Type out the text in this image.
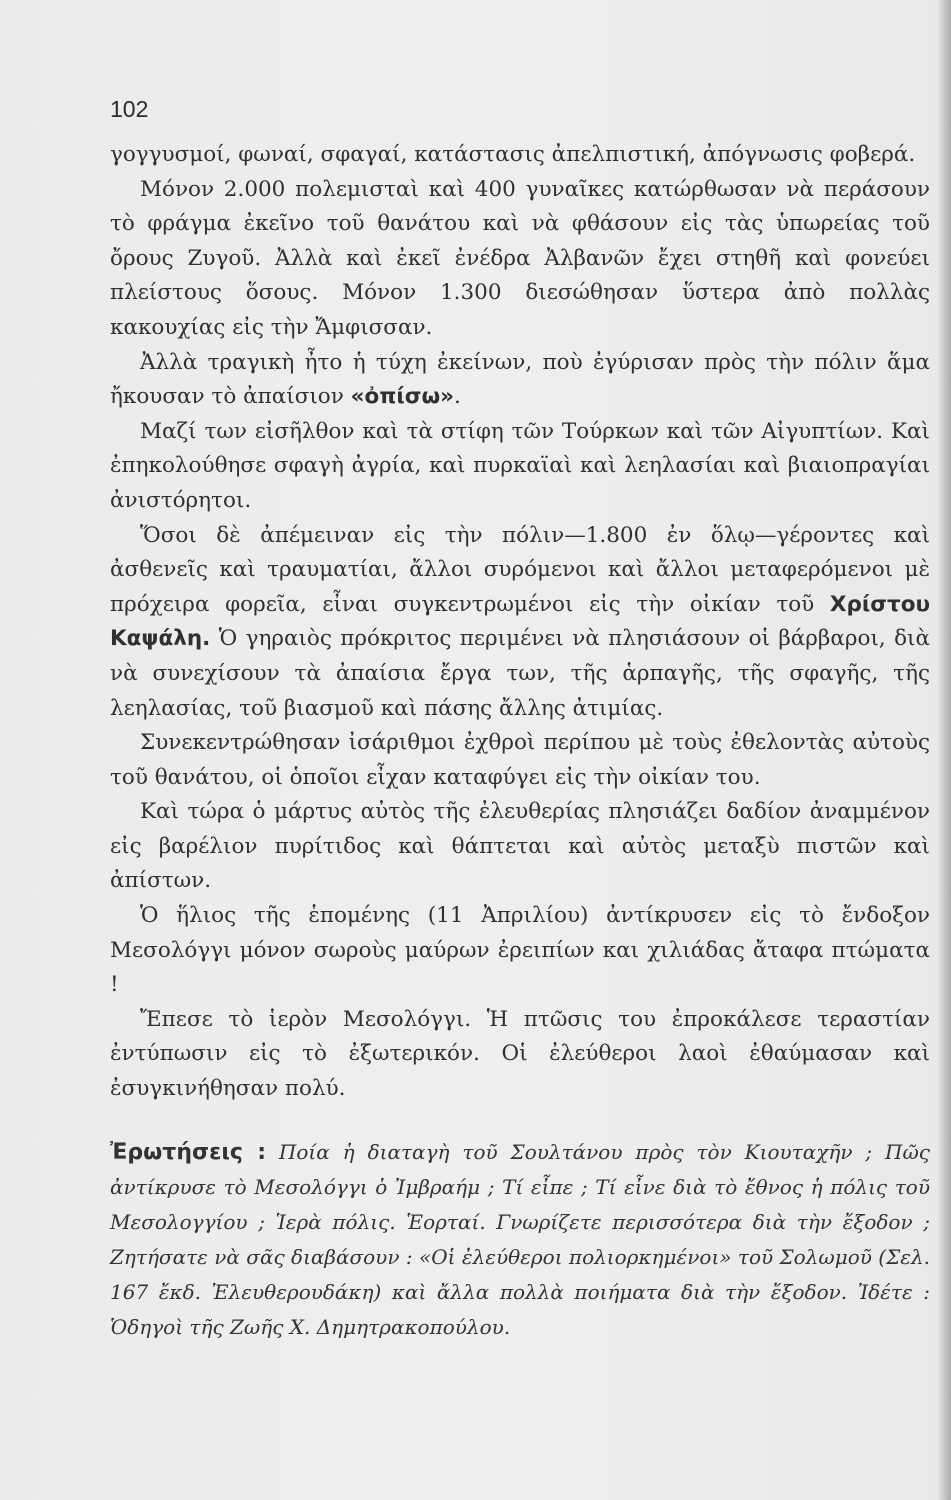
102

γογγυσμοί, φωναί, σφαγαί, κατάστασις ἀπελπιστική, ἀπόγνωσις φοβερά.

Μόνον 2.000 πολεμισταὶ καὶ 400 γυναῖκες κατώρθωσαν νὰ περάσουν τὸ φράγμα ἐκεῖνο τοῦ θανάτου καὶ νὰ φθάσουν εἰς τὰς ὑπωρείας τοῦ ὄρους Ζυγοῦ. Ἀλλὰ καὶ ἐκεῖ ἐνέδρα Ἀλβανῶν ἔχει στηθῆ καὶ φονεύει πλείστους ὅσους. Μόνον 1.300 διεσώθησαν ὕστερα ἀπὸ πολλὰς κακουχίας εἰς τὴν Ἄμφισσαν.

Ἀλλὰ τραγικὴ ἦτο ἡ τύχη ἐκείνων, ποὺ ἐγύρισαν πρὸς τὴν πόλιν ἅμα ἤκουσαν τὸ ἀπαίσιον «ὀπίσω».

Μαζί των εἰσῆλθον καὶ τὰ στίφη τῶν Τούρκων καὶ τῶν Αἰγυπτίων. Καὶ ἐπηκολούθησε σφαγὴ ἀγρία, καὶ πυρκαϊαὶ καὶ λεηλασίαι καὶ βιαιοπραγίαι ἀνιστόρητοι.

Ὅσοι δὲ ἀπέμειναν εἰς τὴν πόλιν—1.800 ἐν ὅλῳ—γέροντες καὶ ἀσθενεῖς καὶ τραυματίαι, ἄλλοι συρόμενοι καὶ ἄλλοι μεταφερόμενοι μὲ πρόχειρα φορεῖα, εἶναι συγκεντρωμένοι εἰς τὴν οἰκίαν τοῦ Χρίστου Καψάλη. Ὁ γηραιὸς πρόκριτος περιμένει νὰ πλησιάσουν οἱ βάρβαροι, διὰ νὰ συνεχίσουν τὰ ἀπαίσια ἔργα των, τῆς ἁρπαγῆς, τῆς σφαγῆς, τῆς λεηλασίας, τοῦ βιασμοῦ καὶ πάσης ἄλλης ἀτιμίας.

Συνεκεντρώθησαν ἰσάριθμοι ἐχθροὶ περίπου μὲ τοὺς ἐθελοντὰς αὐτοὺς τοῦ θανάτου, οἱ ὁποῖοι εἶχαν καταφύγει εἰς τὴν οἰκίαν του.

Καὶ τώρα ὁ μάρτυς αὐτὸς τῆς ἐλευθερίας πλησιάζει δαδίον ἀναμμένον εἰς βαρέλιον πυρίτιδος καὶ θάπτεται καὶ αὐτὸς μεταξὺ πιστῶν καὶ ἀπίστων.

Ὁ ἥλιος τῆς ἑπομένης (11 Ἀπριλίου) ἀντίκρυσεν εἰς τὸ ἔνδοξον Μεσολόγγι μόνον σωροὺς μαύρων ἐρειπίων και χιλιάδας ἄταφα πτώματα !

Ἔπεσε τὸ ἱερὸν Μεσολόγγι. Ἡ πτῶσις του ἐπροκάλεσε τεραστίαν ἐντύπωσιν εἰς τὸ ἐξωτερικόν. Οἱ ἐλεύθεροι λαοὶ ἐθαύμασαν καὶ ἐσυγκινήθησαν πολύ.

Ἐρωτήσεις : Ποία ἡ διαταγὴ τοῦ Σουλτάνου πρὸς τὸν Κιουταχῆν ; Πῶς ἀντίκρυσε τὸ Μεσολόγγι ὁ Ἰμβραήμ ; Τί εἶπε ; Τί εἶνε διὰ τὸ ἔθνος ἡ πόλις τοῦ Μεσολογγίου ; Ἱερὰ πόλις. Ἑορταί. Γνωρίζετε περισσότερα διὰ τὴν ἔξοδον ; Ζητήσατε νὰ σᾶς διαβάσουν : «Οἱ ἐλεύθεροι πολιορκημένοι» τοῦ Σολωμοῦ (Σελ. 167 ἔκδ. Ἐλευθερουδάκη) καὶ ἄλλα πολλὰ ποιήματα διὰ τὴν ἔξοδον. Ἰδέτε : Ὁδηγοὶ τῆς Ζωῆς Χ. Δημητρακοπούλου.
